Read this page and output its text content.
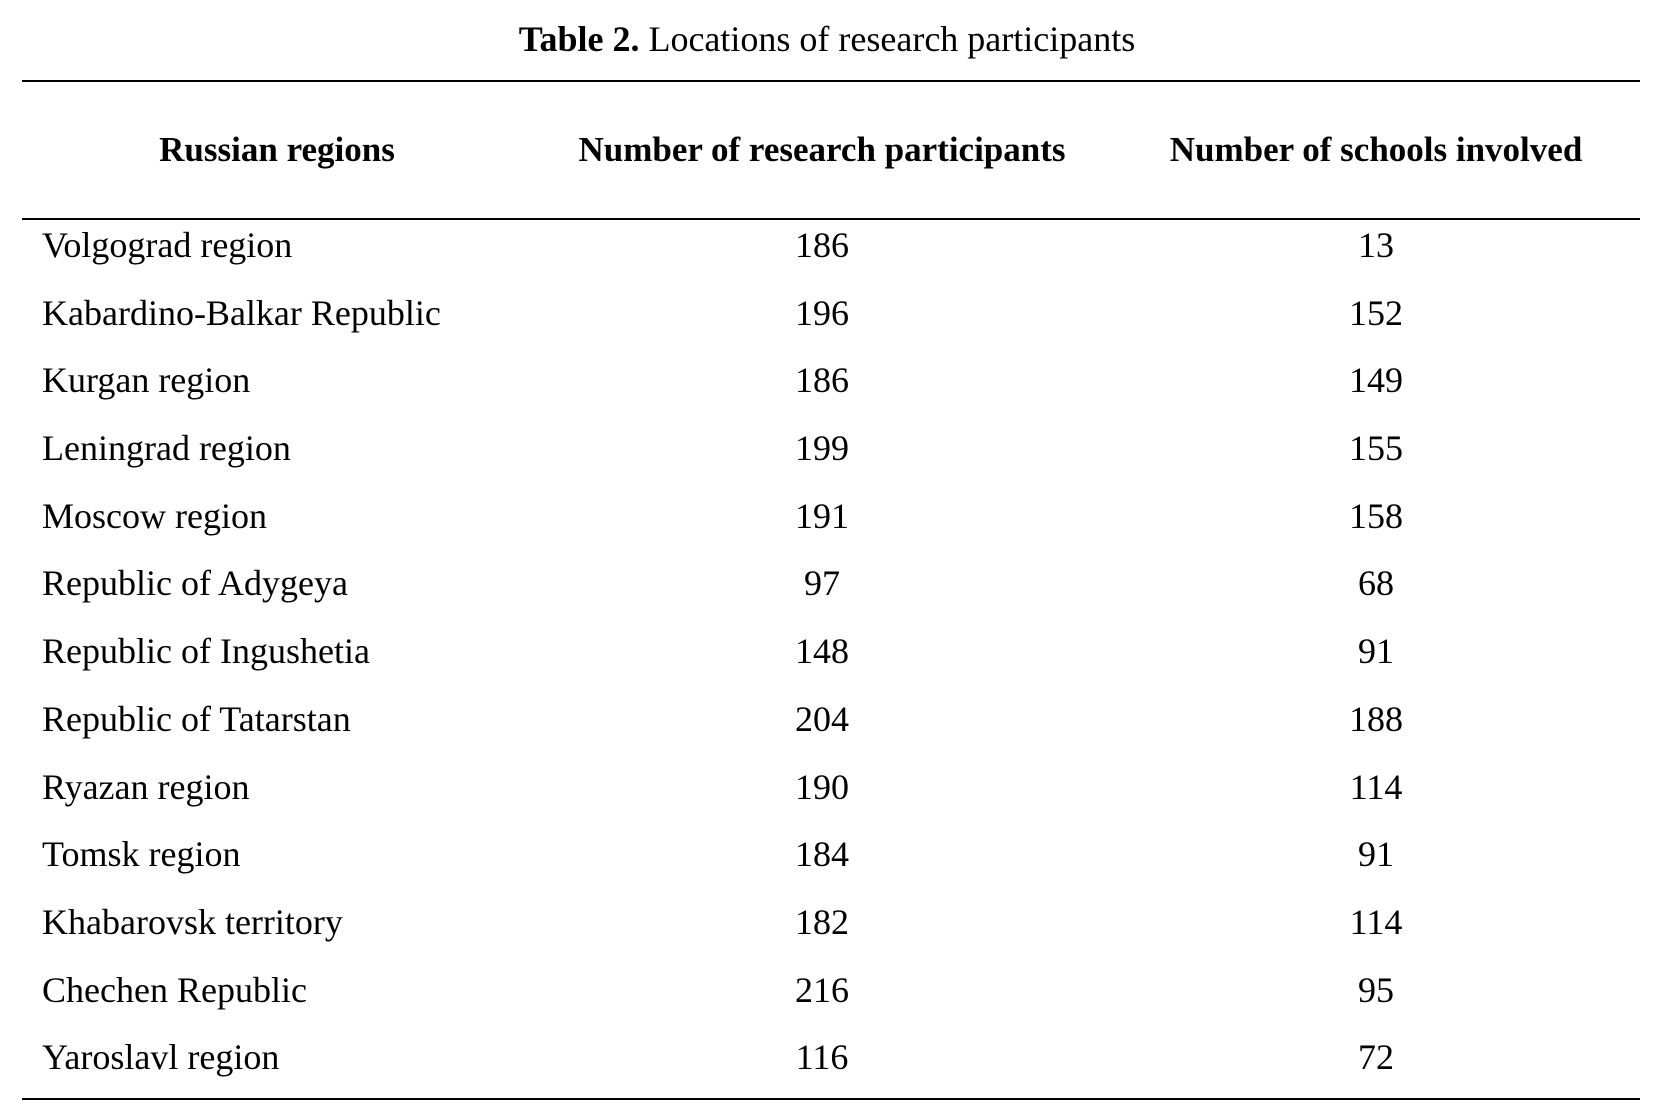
Table 2. Locations of research participants
Russian regions	Number of research participants	Number of schools involved
Volgograd region	186	13
Kabardino-Balkar Republic	196	152
Kurgan region	186	149
Leningrad region	199	155
Moscow region	191	158
Republic of Adygeya	97	68
Republic of Ingushetia	148	91
Republic of Tatarstan	204	188
Ryazan region	190	114
Tomsk region	184	91
Khabarovsk territory	182	114
Chechen Republic	216	95
Yaroslavl region	116	72
